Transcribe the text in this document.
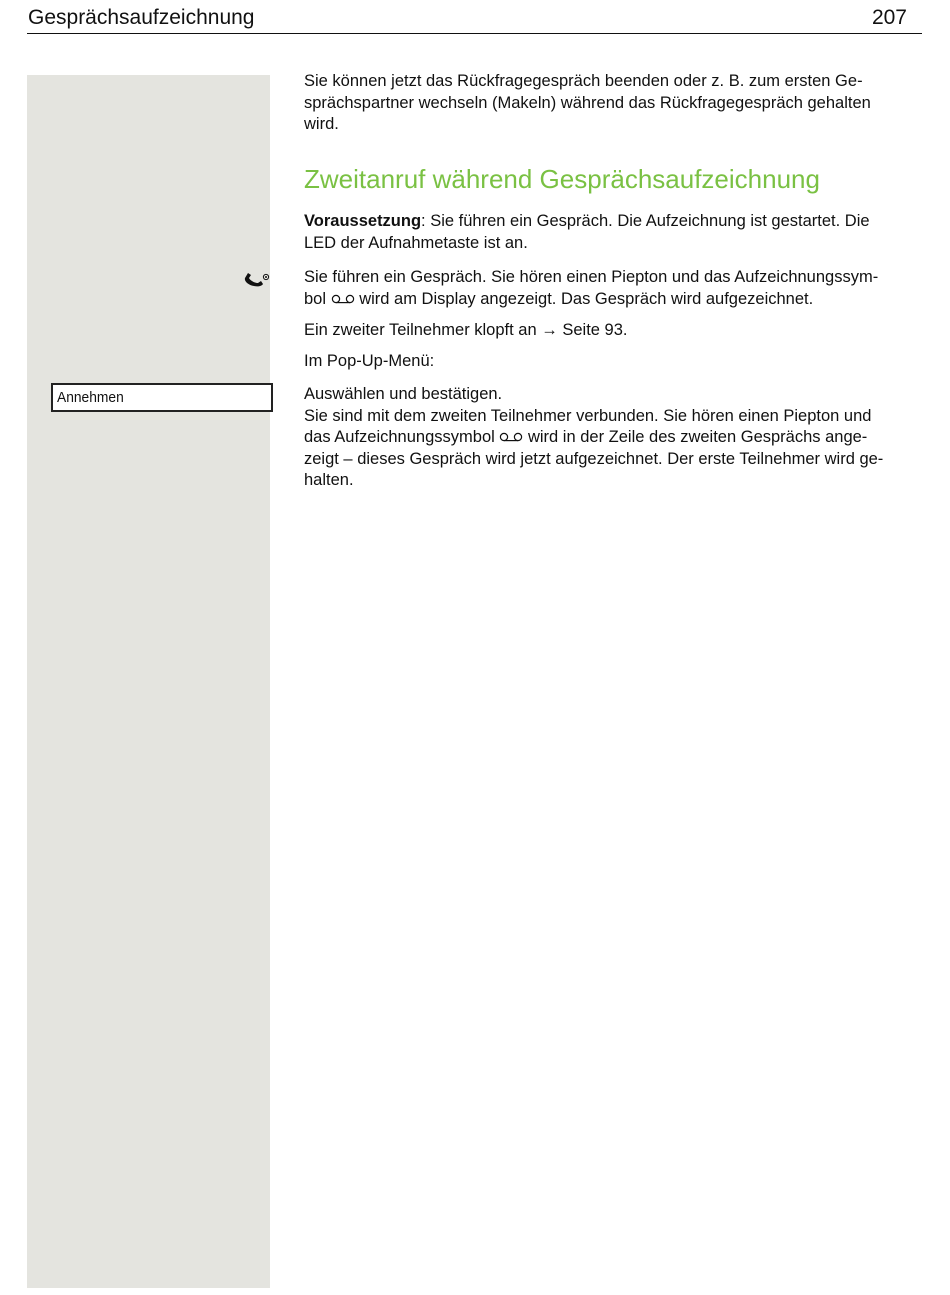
Gesprächsaufzeichnung	207
Annehmen

Sie können jetzt das Rückfragegespräch beenden oder z. B. zum ersten Ge-
sprächspartner wechseln (Makeln) während das Rückfragegespräch gehalten
wird.

Zweitanruf während Gesprächsaufzeichnung

Voraussetzung: Sie führen ein Gespräch. Die Aufzeichnung ist gestartet. Die
LED der Aufnahmetaste ist an.

Sie führen ein Gespräch. Sie hören einen Piepton und das Aufzeichnungssym-
bol wird am Display angezeigt. Das Gespräch wird aufgezeichnet.

Ein zweiter Teilnehmer klopft an → Seite 93.

Im Pop-Up-Menü:

Auswählen und bestätigen.
Sie sind mit dem zweiten Teilnehmer verbunden. Sie hören einen Piepton und
das Aufzeichnungssymbol wird in der Zeile des zweiten Gesprächs ange-
zeigt – dieses Gespräch wird jetzt aufgezeichnet. Der erste Teilnehmer wird ge-
halten.
